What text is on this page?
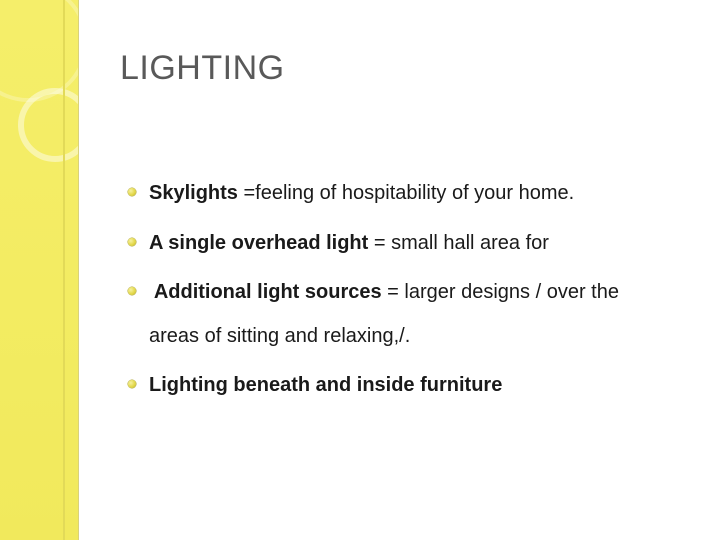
LIGHTING
Skylights =feeling of hospitability of your home.
A single overhead light = small hall area for
Additional light sources = larger designs / over the
areas of sitting and relaxing,/.
Lighting beneath and inside furniture
